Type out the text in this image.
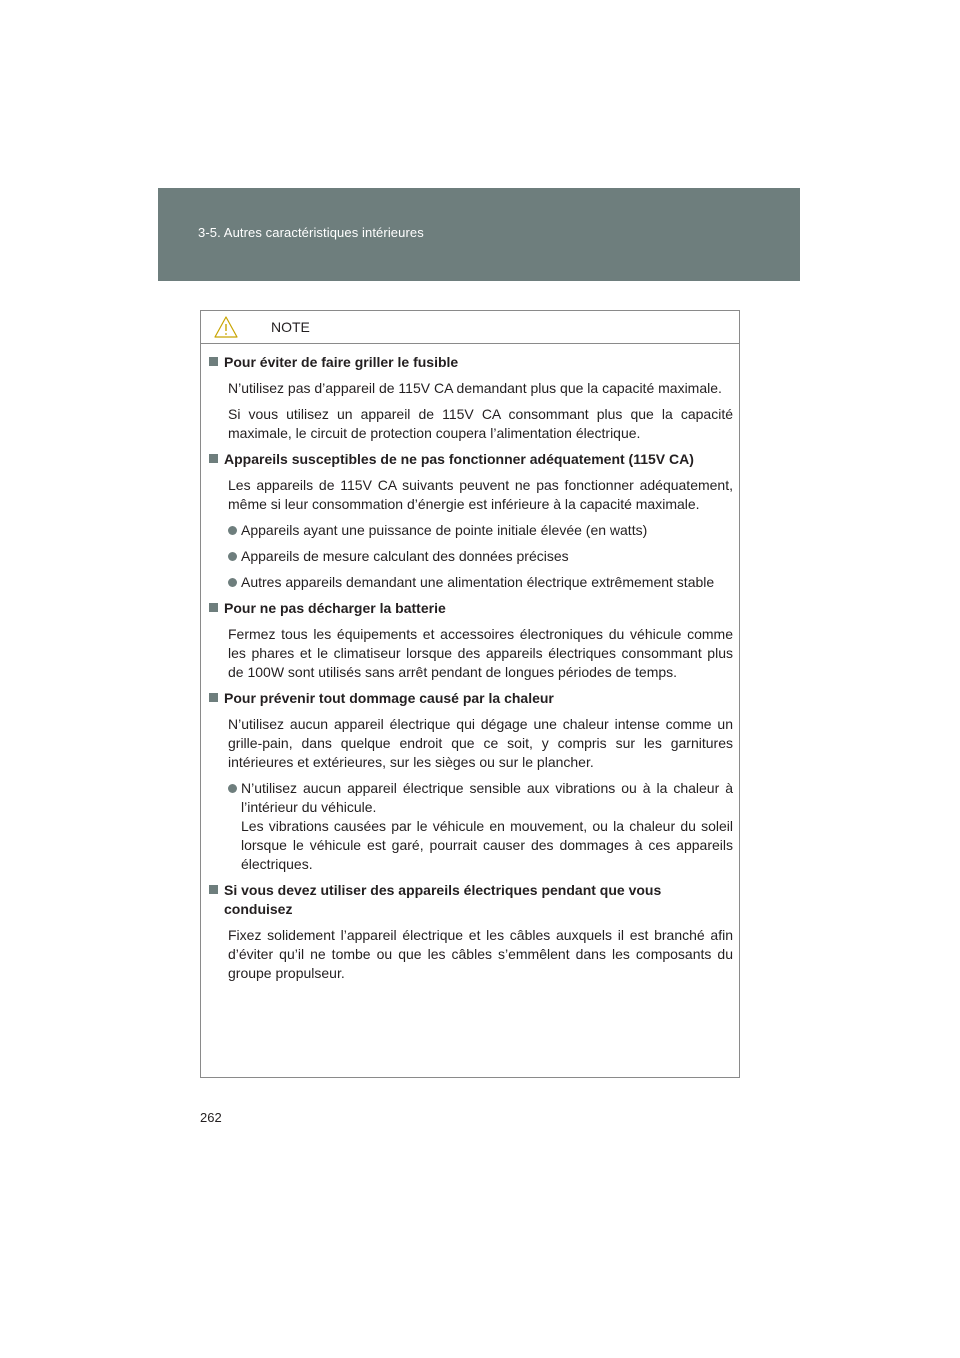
3-5. Autres caractéristiques intérieures
NOTE
Pour éviter de faire griller le fusible
N’utilisez pas d’appareil de 115V CA demandant plus que la capacité maximale.
Si vous utilisez un appareil de 115V CA consommant plus que la capacité maximale, le circuit de protection coupera l’alimentation électrique.
Appareils susceptibles de ne pas fonctionner adéquatement (115V CA)
Les appareils de 115V CA suivants peuvent ne pas fonctionner adéquatement, même si leur consommation d’énergie est inférieure à la capacité maximale.
Appareils ayant une puissance de pointe initiale élevée (en watts)
Appareils de mesure calculant des données précises
Autres appareils demandant une alimentation électrique extrêmement stable
Pour ne pas décharger la batterie
Fermez tous les équipements et accessoires électroniques du véhicule comme les phares et le climatiseur lorsque des appareils électriques consommant plus de 100W sont utilisés sans arrêt pendant de longues périodes de temps.
Pour prévenir tout dommage causé par la chaleur
N’utilisez aucun appareil électrique qui dégage une chaleur intense comme un grille-pain, dans quelque endroit que ce soit, y compris sur les garnitures intérieures et extérieures, sur les sièges ou sur le plancher.
N’utilisez aucun appareil électrique sensible aux vibrations ou à la chaleur à l’intérieur du véhicule.
Les vibrations causées par le véhicule en mouvement, ou la chaleur du soleil lorsque le véhicule est garé, pourrait causer des dommages à ces appareils électriques.
Si vous devez utiliser des appareils électriques pendant que vous conduisez
Fixez solidement l’appareil électrique et les câbles auxquels il est branché afin d’éviter qu’il ne tombe ou que les câbles s’emmêlent dans les composants du groupe propulseur.
262
